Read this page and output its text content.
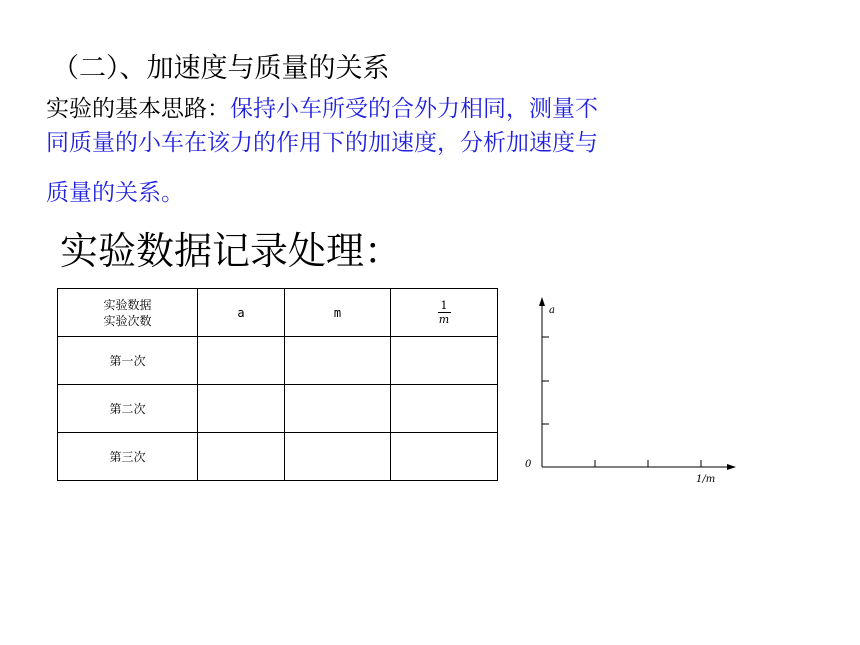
（二）、加速度与质量的关系
实验的基本思路：保持小车所受的合外力相同，测量不
同质量的小车在该力的作用下的加速度，分析加速度与
质量的关系。
实验数据记录处理：
实验数据
实验次数	a	m	$\frac{1}{m}$

第一次			
第二次			
第三次			
a
0
1/m
